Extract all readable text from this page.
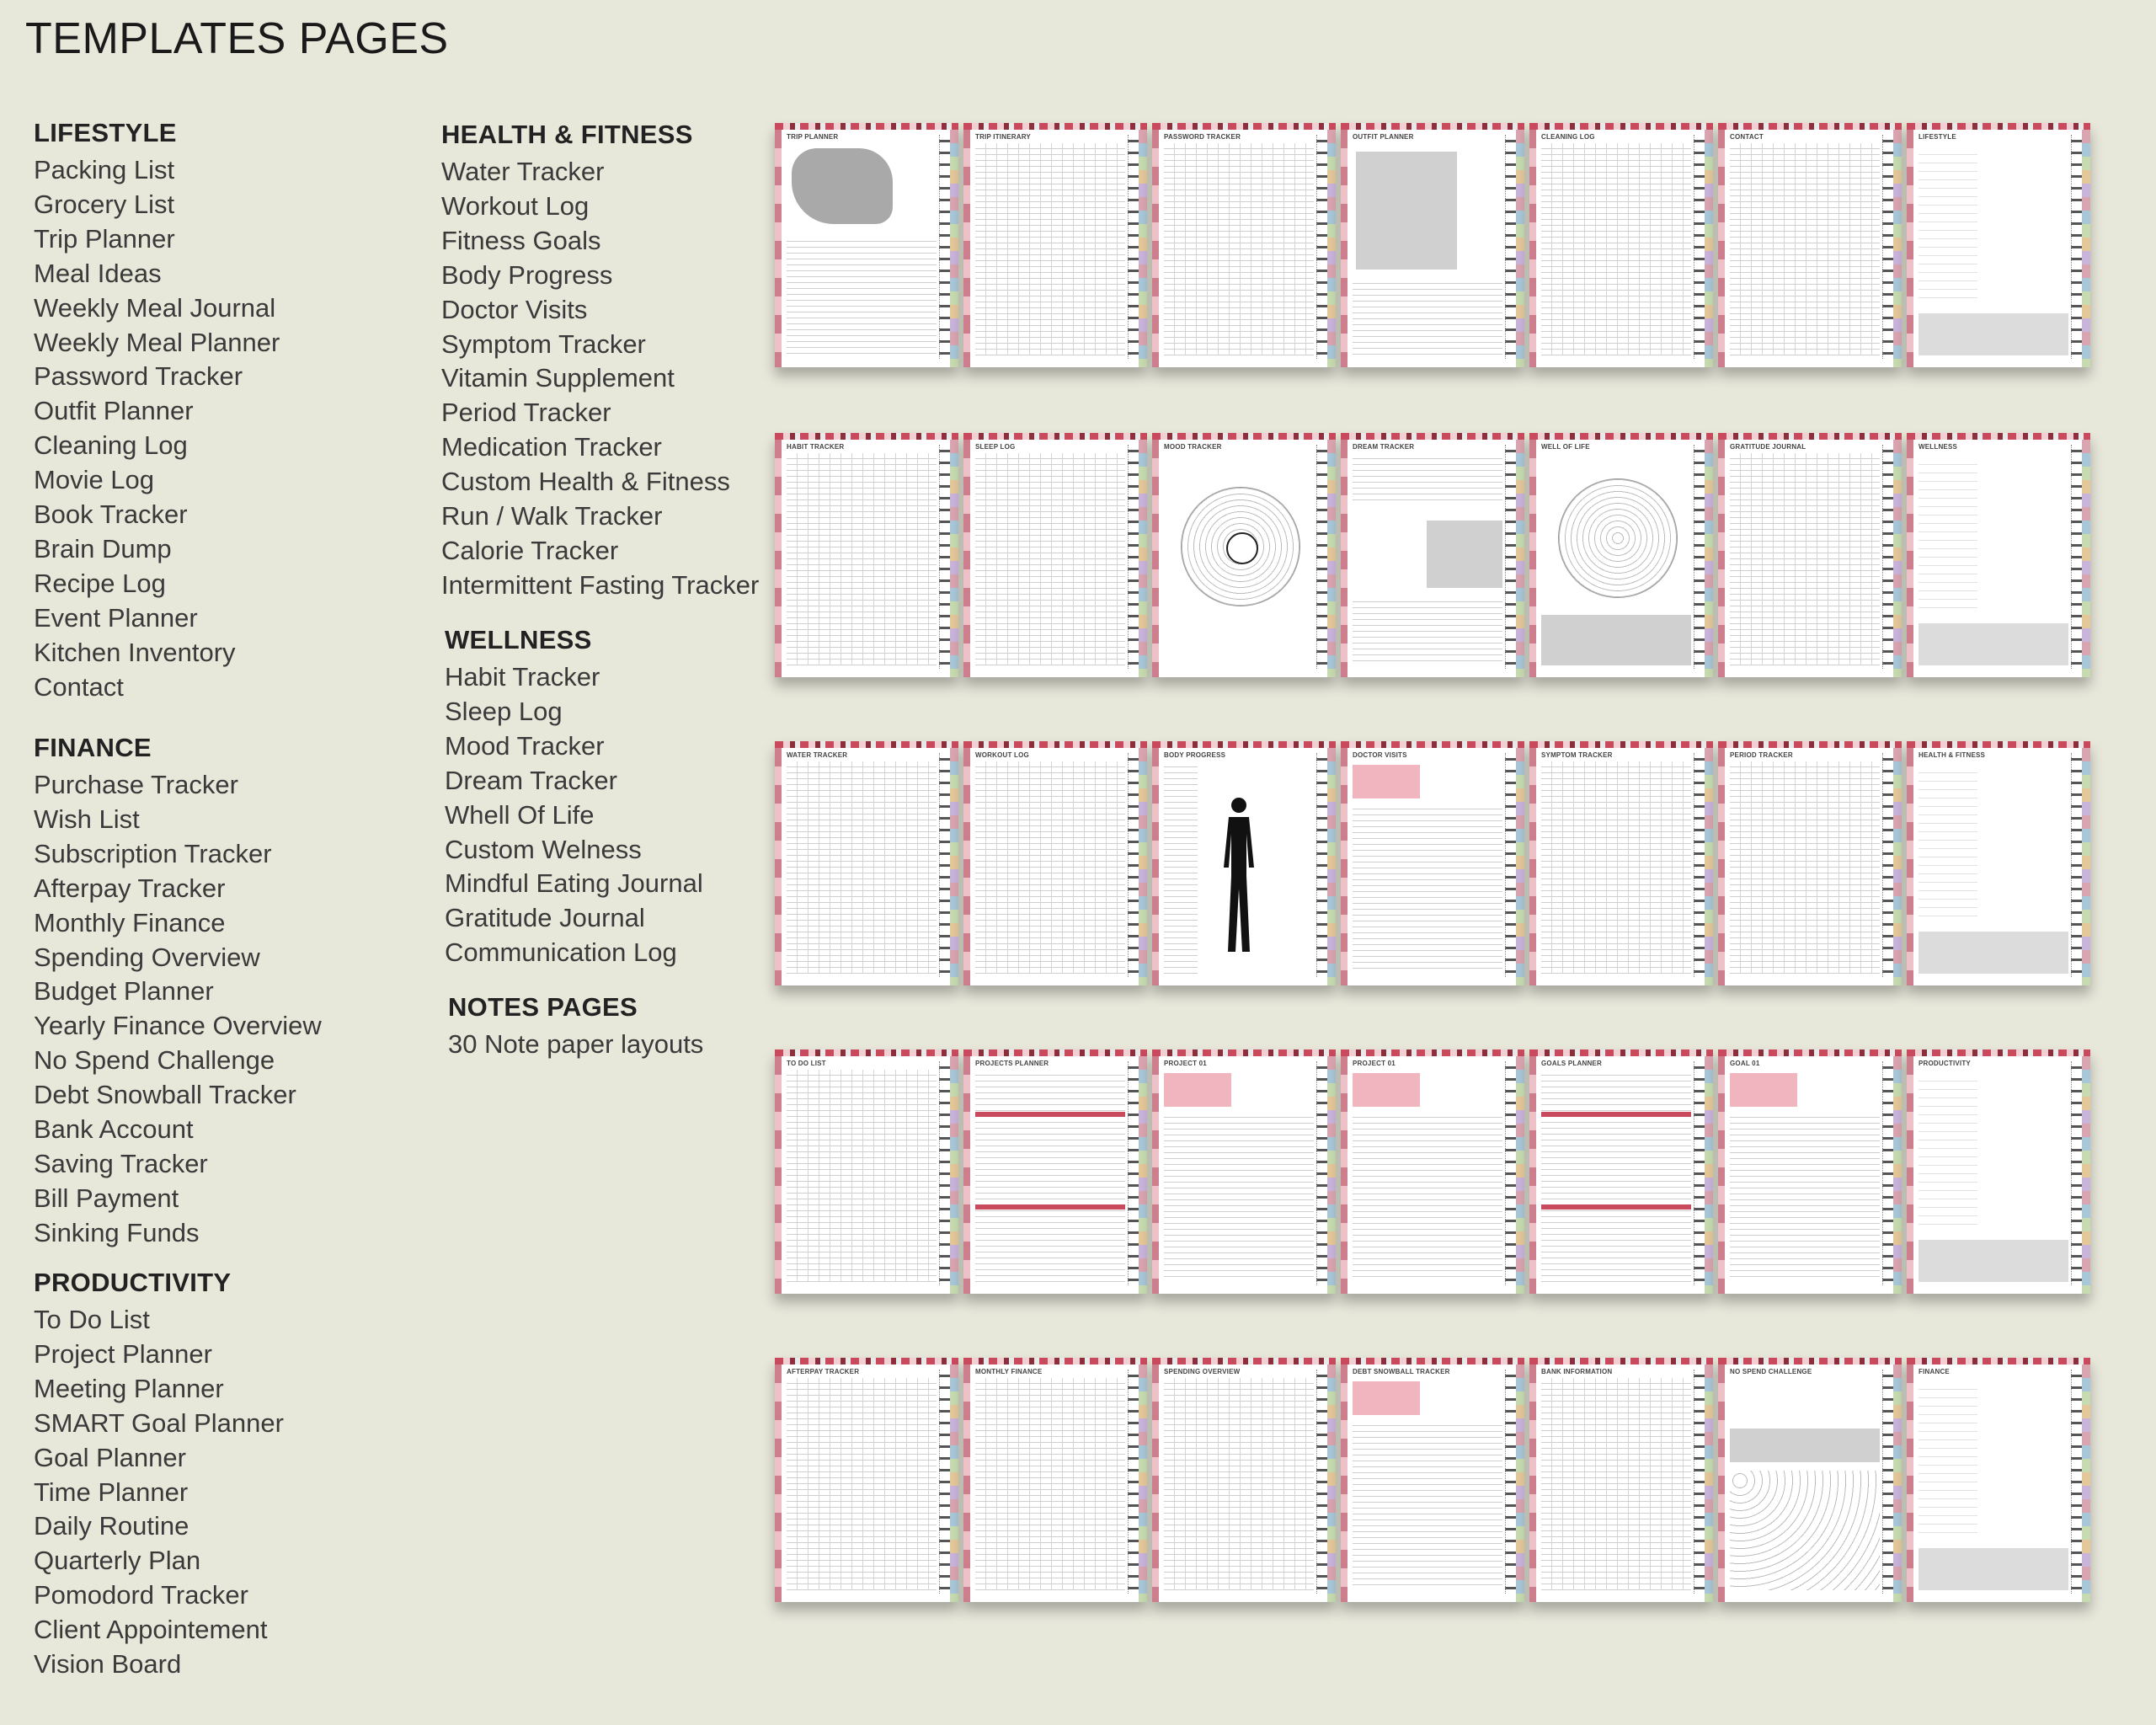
TEMPLATES PAGES
LIFESTYLE
Packing List
Grocery List
Trip Planner
Meal Ideas
Weekly Meal Journal
Weekly Meal Planner
Password Tracker
Outfit Planner
Cleaning Log
Movie Log
Book Tracker
Brain Dump
Recipe Log
Event Planner
Kitchen Inventory
Contact
FINANCE
Purchase Tracker
Wish List
Subscription Tracker
Afterpay Tracker
Monthly Finance
Spending Overview
Budget Planner
Yearly Finance Overview
No Spend Challenge
Debt Snowball Tracker
Bank Account
Saving Tracker
Bill Payment
Sinking Funds
PRODUCTIVITY
To Do List
Project Planner
Meeting Planner
SMART Goal Planner
Goal Planner
Time Planner
Daily Routine
Quarterly Plan
Pomodord Tracker
Client Appointement
Vision Board
HEALTH & FITNESS
Water Tracker
Workout Log
Fitness Goals
Body Progress
Doctor Visits
Symptom Tracker
Vitamin Supplement
Period Tracker
Medication Tracker
Custom Health & Fitness
Run / Walk Tracker
Calorie Tracker
Intermittent Fasting Tracker
WELLNESS
Habit Tracker
Sleep Log
Mood Tracker
Dream Tracker
Whell Of Life
Custom Welness
Mindful Eating Journal
Gratitude Journal
Communication Log
NOTES PAGES
30 Note paper layouts
TRIP PLANNER	TRIP ITINERARY	PASSWORD TRACKER	OUTFIT PLANNER	CLEANING LOG	CONTACT	LIFESTYLE
HABIT TRACKER	SLEEP LOG	MOOD TRACKER	DREAM TRACKER	WELL OF LIFE	GRATITUDE JOURNAL	WELLNESS
WATER TRACKER	WORKOUT LOG	BODY PROGRESS	DOCTOR VISITS	SYMPTOM TRACKER	PERIOD TRACKER	HEALTH & FITNESS
TO DO LIST	PROJECTS PLANNER	PROJECT 01	PROJECT 01	GOALS PLANNER	GOAL 01	PRODUCTIVITY
AFTERPAY TRACKER	MONTHLY FINANCE	SPENDING OVERVIEW	DEBT SNOWBALL TRACKER	BANK INFORMATION	NO SPEND CHALLENGE	FINANCE
